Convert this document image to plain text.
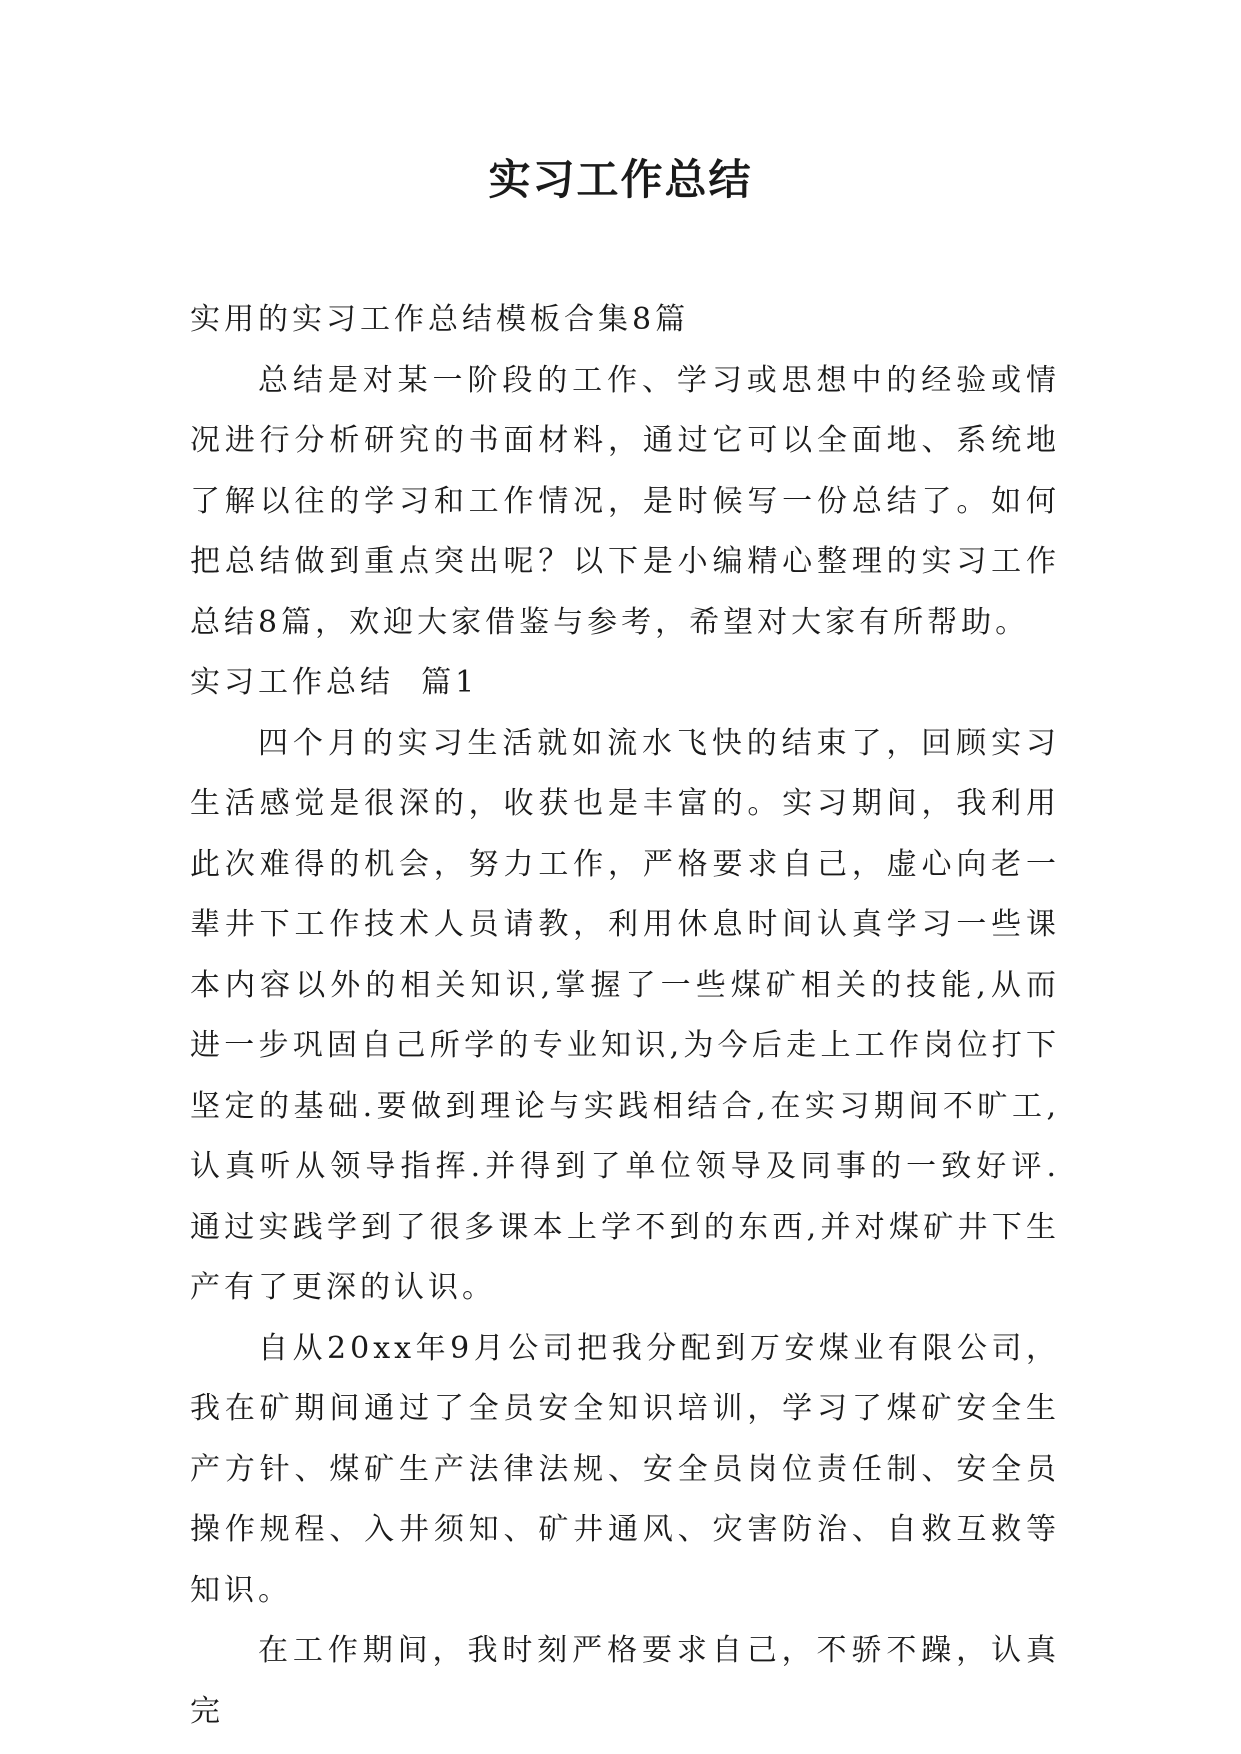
实习工作总结

实用的实习工作总结模板合集8篇

总结是对某一阶段的工作、学习或思想中的经验或情况进行分析研究的书面材料，通过它可以全面地、系统地了解以往的学习和工作情况，是时候写一份总结了。如何把总结做到重点突出呢？以下是小编精心整理的实习工作总结8篇，欢迎大家借鉴与参考，希望对大家有所帮助。

实习工作总结  篇1

四个月的实习生活就如流水飞快的结束了，回顾实习生活感觉是很深的，收获也是丰富的。实习期间，我利用此次难得的机会，努力工作，严格要求自己，虚心向老一辈井下工作技术人员请教，利用休息时间认真学习一些课本内容以外的相关知识,掌握了一些煤矿相关的技能,从而进一步巩固自己所学的专业知识,为今后走上工作岗位打下坚定的基础.要做到理论与实践相结合,在实习期间不旷工,认真听从领导指挥.并得到了单位领导及同事的一致好评.通过实践学到了很多课本上学不到的东西,并对煤矿井下生产有了更深的认识。

自从20xx年9月公司把我分配到万安煤业有限公司，我在矿期间通过了全员安全知识培训，学习了煤矿安全生产方针、煤矿生产法律法规、安全员岗位责任制、安全员操作规程、入井须知、矿井通风、灾害防治、自救互救等知识。

在工作期间，我时刻严格要求自己，不骄不躁，认真完
